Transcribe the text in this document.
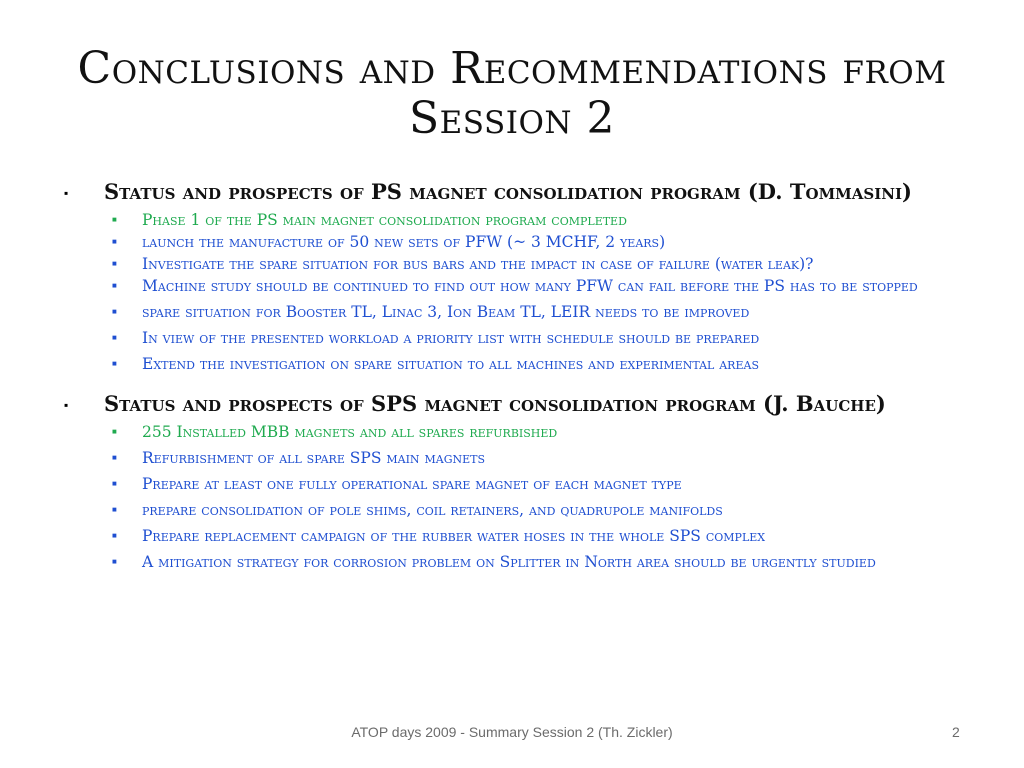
Conclusions and Recommendations from Session 2
▪	Status and prospects of PS magnet consolidation program (D. Tommasini)
■	Phase 1 of the PS main magnet consolidation program completed
■	launch the manufacture of 50 new sets of PFW (~ 3 MCHF, 2 years)
■	Investigate the spare situation for bus bars and the impact in case of failure (water leak)?
■	Machine study should be continued to find out how many PFW can fail before the PS has to be stopped
■	spare situation for Booster TL, Linac 3, Ion Beam TL, LEIR needs to be improved
■	In view of the presented workload a priority list with schedule should be prepared
■	Extend the investigation on spare situation to all machines and experimental areas
▪	Status and prospects of SPS magnet consolidation program (J. Bauche)
■	255 Installed MBB magnets and all spares refurbished
■	Refurbishment of all spare SPS main magnets
■	Prepare at least one fully operational spare magnet of each magnet type
■	prepare consolidation of pole shims, coil retainers, and quadrupole manifolds
■	Prepare replacement campaign of the rubber water hoses in the whole SPS complex
■	A mitigation strategy for corrosion problem on Splitter in North area should be urgently studied
ATOP days 2009 - Summary Session 2 (Th. Zickler)	2
